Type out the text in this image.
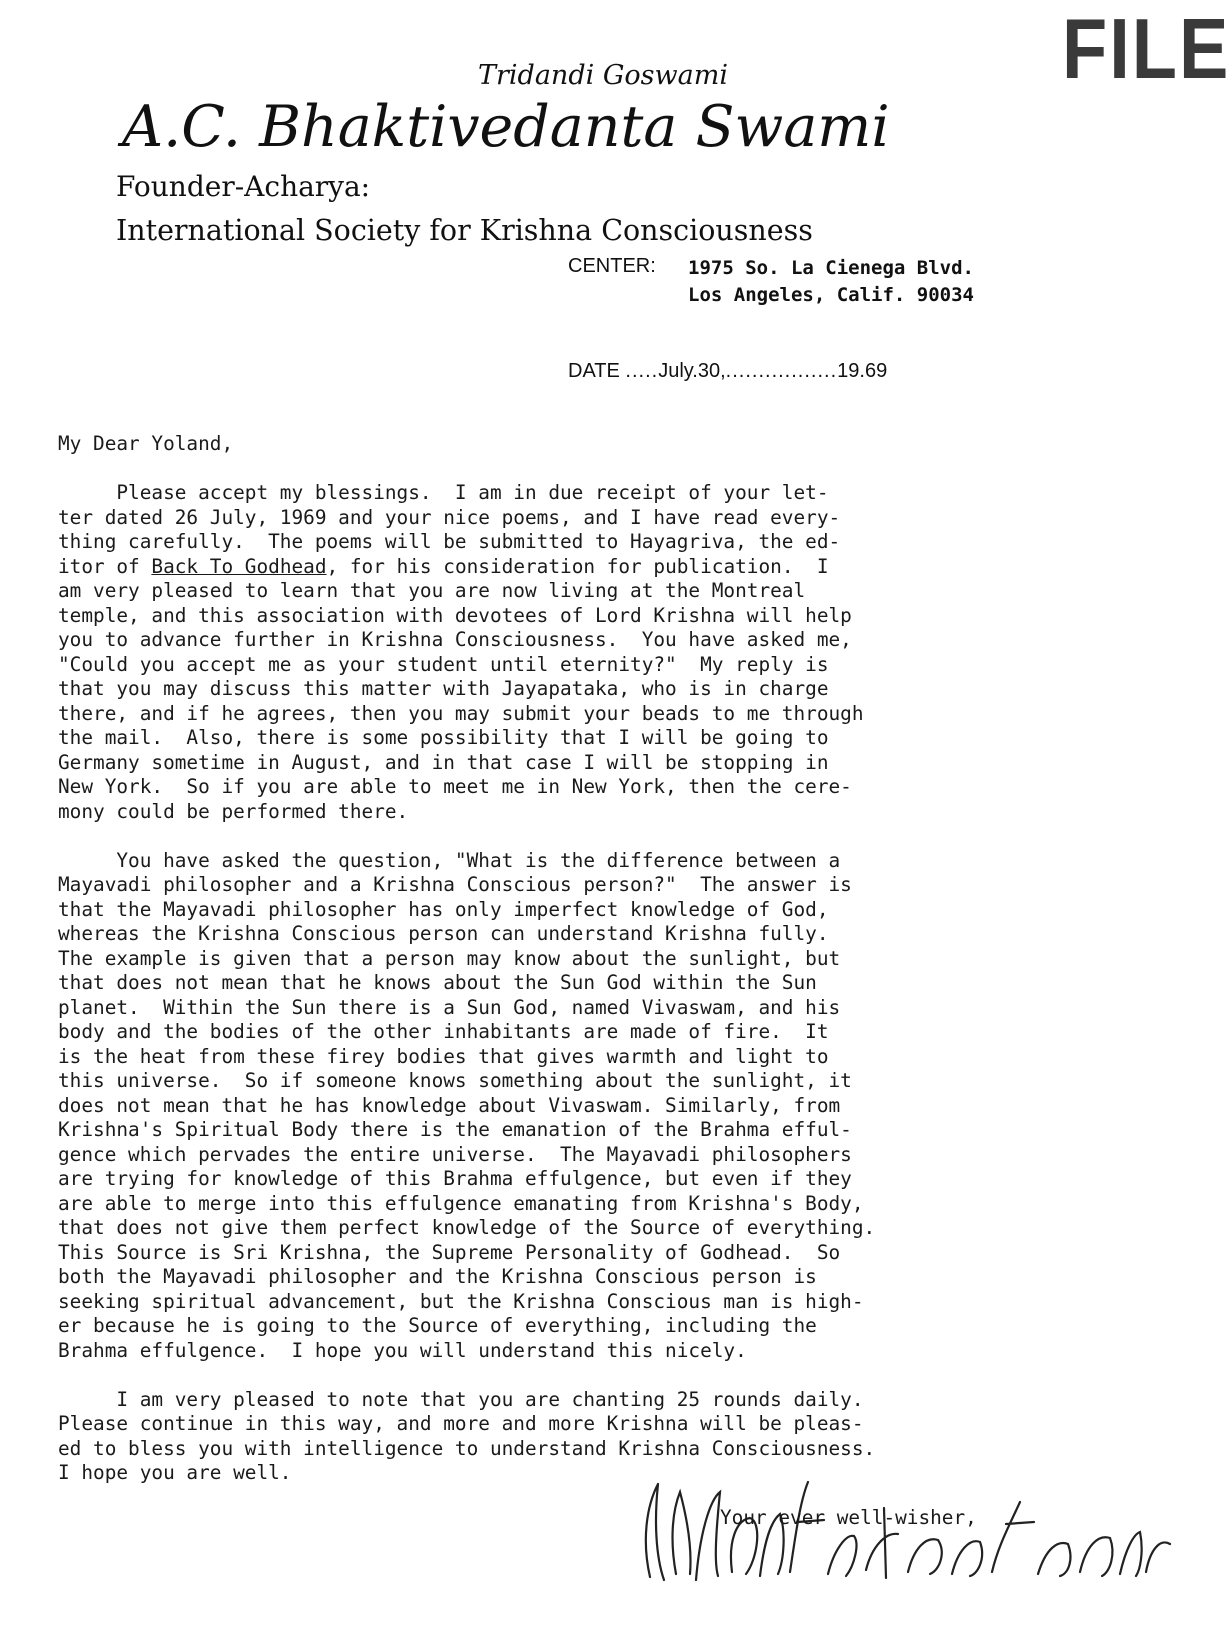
FILE
Tridandi Goswami
A.C. Bhaktivedanta Swami
Founder-Acharya:
International Society for Krishna Consciousness
CENTER: 1975 So. La Cienega Blvd.
Los Angeles, Calif. 90034
DATE .....July.30,.................19.69
My Dear Yoland,
Please accept my blessings.  I am in due receipt of your let-
ter dated 26 July, 1969 and your nice poems, and I have read every-
thing carefully.  The poems will be submitted to Hayagriva, the ed-
itor of Back To Godhead, for his consideration for publication.  I
am very pleased to learn that you are now living at the Montreal
temple, and this association with devotees of Lord Krishna will help
you to advance further in Krishna Consciousness.  You have asked me,
"Could you accept me as your student until eternity?"  My reply is
that you may discuss this matter with Jayapataka, who is in charge
there, and if he agrees, then you may submit your beads to me through
the mail.  Also, there is some possibility that I will be going to
Germany sometime in August, and in that case I will be stopping in
New York.  So if you are able to meet me in New York, then the cere-
mony could be performed there.
You have asked the question, "What is the difference between a
Mayavadi philosopher and a Krishna Conscious person?"  The answer is
that the Mayavadi philosopher has only imperfect knowledge of God,
whereas the Krishna Conscious person can understand Krishna fully.
The example is given that a person may know about the sunlight, but
that does not mean that he knows about the Sun God within the Sun
planet.  Within the Sun there is a Sun God, named Vivaswam, and his
body and the bodies of the other inhabitants are made of fire.  It
is the heat from these firey bodies that gives warmth and light to
this universe.  So if someone knows something about the sunlight, it
does not mean that he has knowledge about Vivaswam. Similarly, from
Krishna's Spiritual Body there is the emanation of the Brahma efful-
gence which pervades the entire universe.  The Mayavadi philosophers
are trying for knowledge of this Brahma effulgence, but even if they
are able to merge into this effulgence emanating from Krishna's Body,
that does not give them perfect knowledge of the Source of everything.
This Source is Sri Krishna, the Supreme Personality of Godhead.  So
both the Mayavadi philosopher and the Krishna Conscious person is
seeking spiritual advancement, but the Krishna Conscious man is high-
er because he is going to the Source of everything, including the
Brahma effulgence.  I hope you will understand this nicely.
I am very pleased to note that you are chanting 25 rounds daily.
Please continue in this way, and more and more Krishna will be pleas-
ed to bless you with intelligence to understand Krishna Consciousness.
I hope you are well.
Your ever well-wisher,
